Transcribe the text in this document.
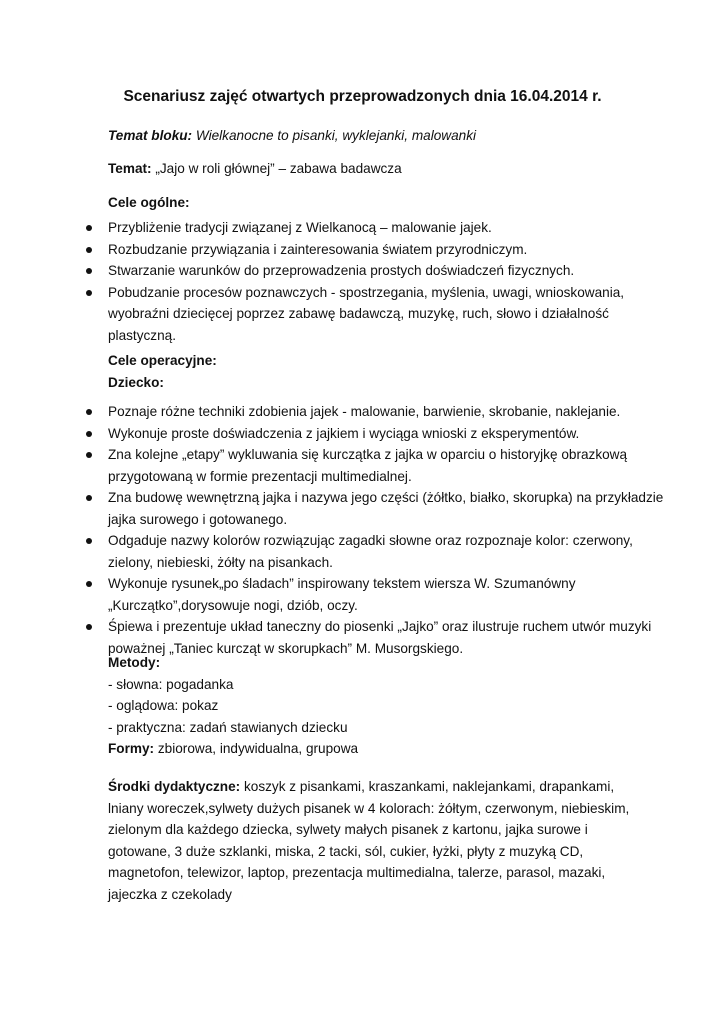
Scenariusz zajęć otwartych przeprowadzonych dnia 16.04.2014 r.
Temat bloku: Wielkanocne to pisanki, wyklejanki, malowanki
Temat: „Jajo w roli głównej” – zabawa badawcza
Cele ogólne:
Przybliżenie tradycji związanej z Wielkanocą – malowanie jajek.
Rozbudzanie przywiązania i zainteresowania światem przyrodniczym.
Stwarzanie warunków do przeprowadzenia prostych doświadczeń fizycznych.
Pobudzanie procesów poznawczych - spostrzegania, myślenia, uwagi, wnioskowania, wyobraźni dziecięcej poprzez zabawę badawczą, muzykę, ruch, słowo i działalność plastyczną.
Cele operacyjne:
Dziecko:
Poznaje różne techniki zdobienia jajek - malowanie, barwienie, skrobanie, naklejanie.
Wykonuje proste doświadczenia z jajkiem i wyciąga wnioski z eksperymentów.
Zna kolejne „etapy” wykluwania się kurczątka z jajka w oparciu o historyjkę obrazkową przygotowaną w formie prezentacji multimedialnej.
Zna budowę wewnętrzną jajka i nazywa jego części (żółtko, białko, skorupka) na przykładzie jajka surowego i gotowanego.
Odgaduje nazwy kolorów rozwiązując zagadki słowne oraz rozpoznaje kolor: czerwony, zielony, niebieski, żółty na pisankach.
Wykonuje rysunek„po śladach” inspirowany tekstem wiersza W. Szumanówny „Kurczątko”,dorysowuje nogi, dziób, oczy.
Śpiewa i prezentuje układ taneczny do piosenki „Jajko” oraz ilustruje ruchem utwór muzyki poważnej „Taniec kurcząt w skorupkach” M. Musorgskiego.
Metody:
- słowna: pogadanka
- oglądowa: pokaz
- praktyczna: zadań stawianych dziecku
Formy: zbiorowa, indywidualna, grupowa
Środki dydaktyczne: koszyk z pisankami, kraszankami, naklejankami, drapankami, lniany woreczek,sylwety dużych pisanek w 4 kolorach: żółtym, czerwonym, niebieskim, zielonym dla każdego dziecka, sylwety małych pisanek z kartonu, jajka surowe i gotowane, 3 duże szklanki, miska, 2 tacki, sól, cukier, łyżki, płyty z muzyką CD, magnetofon, telewizor, laptop, prezentacja multimedialna, talerze, parasol, mazaki, jajeczka z czekolady
